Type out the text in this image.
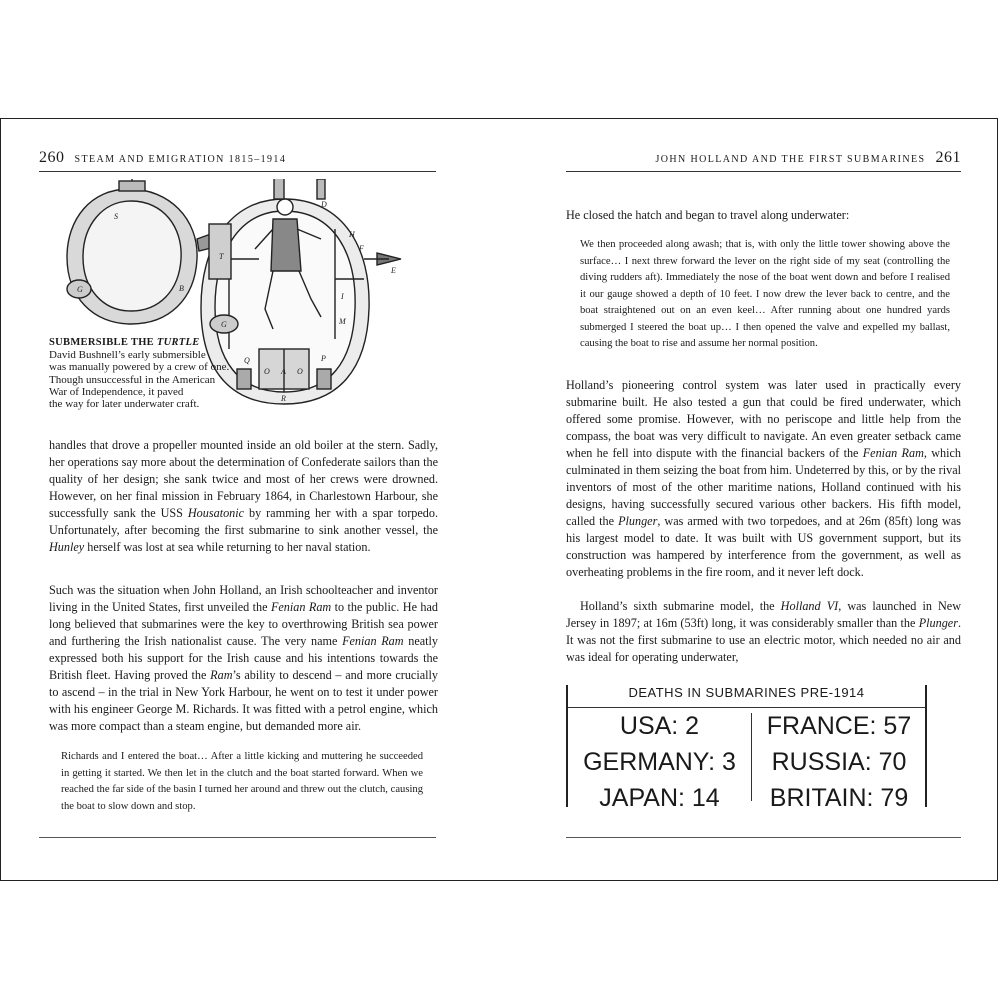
260 STEAM AND EMIGRATION 1815–1914
S
G	B
T
G
Q
O A O
P
M
I
H
F
E
D
R
SUBMERSIBLE THE TURTLE
David Bushnell’s early submersible
was manually powered by a crew of one.
Though unsuccessful in the American
War of Independence, it paved
the way for later underwater craft.

handles that drove a propeller mounted inside an old boiler at the stern. Sadly, her operations say more about the determination of Confederate sailors than the quality of her design; she sank twice and most of her crews were drowned. However, on her final mission in February 1864, in Charlestown Harbour, she successfully sank the USS Housatonic by ramming her with a spar torpedo. Unfortunately, after becoming the first submarine to sink another vessel, the Hunley herself was lost at sea while returning to her naval station.

Such was the situation when John Holland, an Irish schoolteacher and inventor living in the United States, first unveiled the Fenian Ram to the public. He had long believed that submarines were the key to overthrowing British sea power and furthering the Irish nationalist cause. The very name Fenian Ram neatly expressed both his support for the Irish cause and his intentions towards the British fleet. Having proved the Ram’s ability to descend – and more crucially to ascend – in the trial in New York Harbour, he went on to test it under power with his engineer George M. Richards. It was fitted with a petrol engine, which was more compact than a steam engine, but demanded more air.

Richards and I entered the boat… After a little kicking and muttering he succeeded in getting it started. We then let in the clutch and the boat started forward. When we reached the far side of the basin I turned her around and threw out the clutch, causing the boat to slow down and stop.

JOHN HOLLAND AND THE FIRST SUBMARINES 261

He closed the hatch and began to travel along underwater:

We then proceeded along awash; that is, with only the little tower showing above the surface… I next threw forward the lever on the right side of my seat (controlling the diving rudders aft). Immediately the nose of the boat went down and before I realised it our gauge showed a depth of 10 feet. I now drew the lever back to centre, and the boat straightened out on an even keel… After running about one hundred yards submerged I steered the boat up… I then opened the valve and expelled my ballast, causing the boat to rise and assume her normal position.

Holland’s pioneering control system was later used in practically every submarine built. He also tested a gun that could be fired underwater, which offered some promise. However, with no periscope and little help from the compass, the boat was very difficult to navigate. An even greater setback came when he fell into dispute with the financial backers of the Fenian Ram, which culminated in them seizing the boat from him. Undeterred by this, or by the rival inventors of most of the other maritime nations, Holland continued with his designs, having successfully secured various other backers. His fifth model, called the Plunger, was armed with two torpedoes, and at 26m (85ft) long was his largest model to date. It was built with US government support, but its construction was hampered by interference from the government, as well as overheating problems in the fire room, and it never left dock.

Holland’s sixth submarine model, the Holland VI, was launched in New Jersey in 1897; at 16m (53ft) long, it was considerably smaller than the Plunger. It was not the first submarine to use an electric motor, which needed no air and was ideal for operating underwater,

DEATHS IN SUBMARINES PRE-1914
USA: 2
GERMANY: 3
JAPAN: 14
FRANCE: 57
RUSSIA: 70
BRITAIN: 79
